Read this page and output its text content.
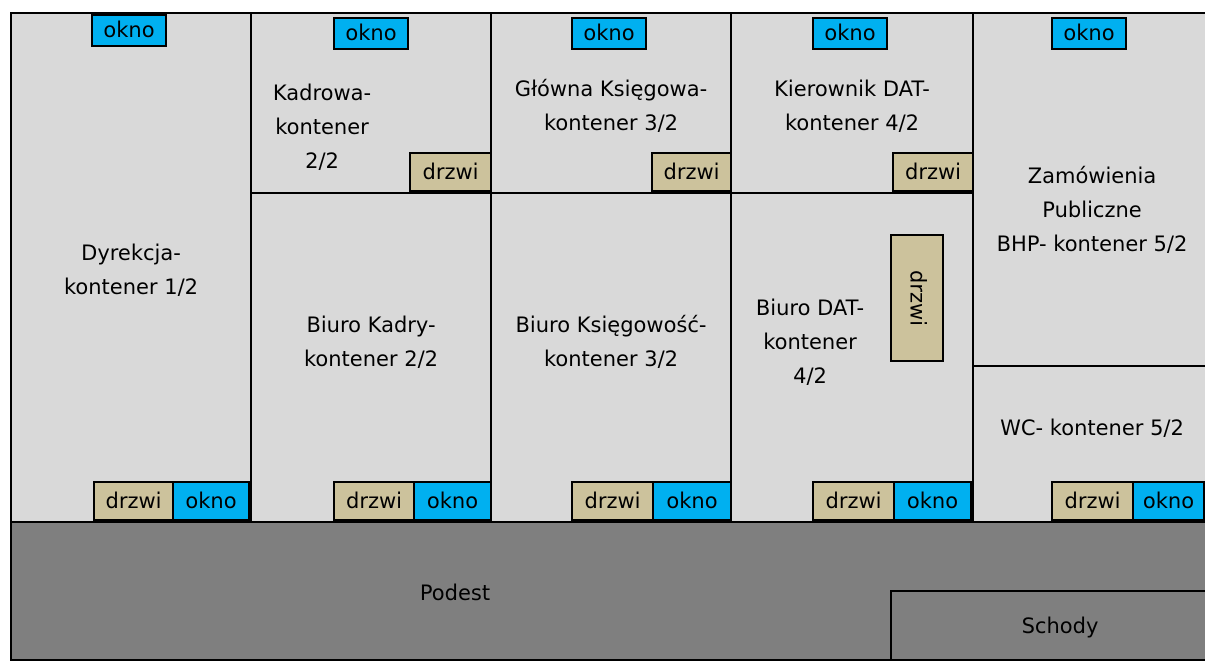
okno	okno	okno	okno	okno
drzwi	drzwi	drzwi
drzwi
drzwi	drzwi	drzwi	drzwi	drzwi
okno	okno	okno	okno	okno
Dyrekcja-
kontener 1/2
Kadrowa-
kontener
2/2
Główna Księgowa-
kontener 3/2
Kierownik DAT-
kontener 4/2
Zamówienia
Publiczne
BHP- kontener 5/2
Biuro Kadry-
kontener 2/2
Biuro Księgowość-
kontener 3/2
Biuro DAT-
kontener
4/2
WC- kontener 5/2
Podest
Schody
